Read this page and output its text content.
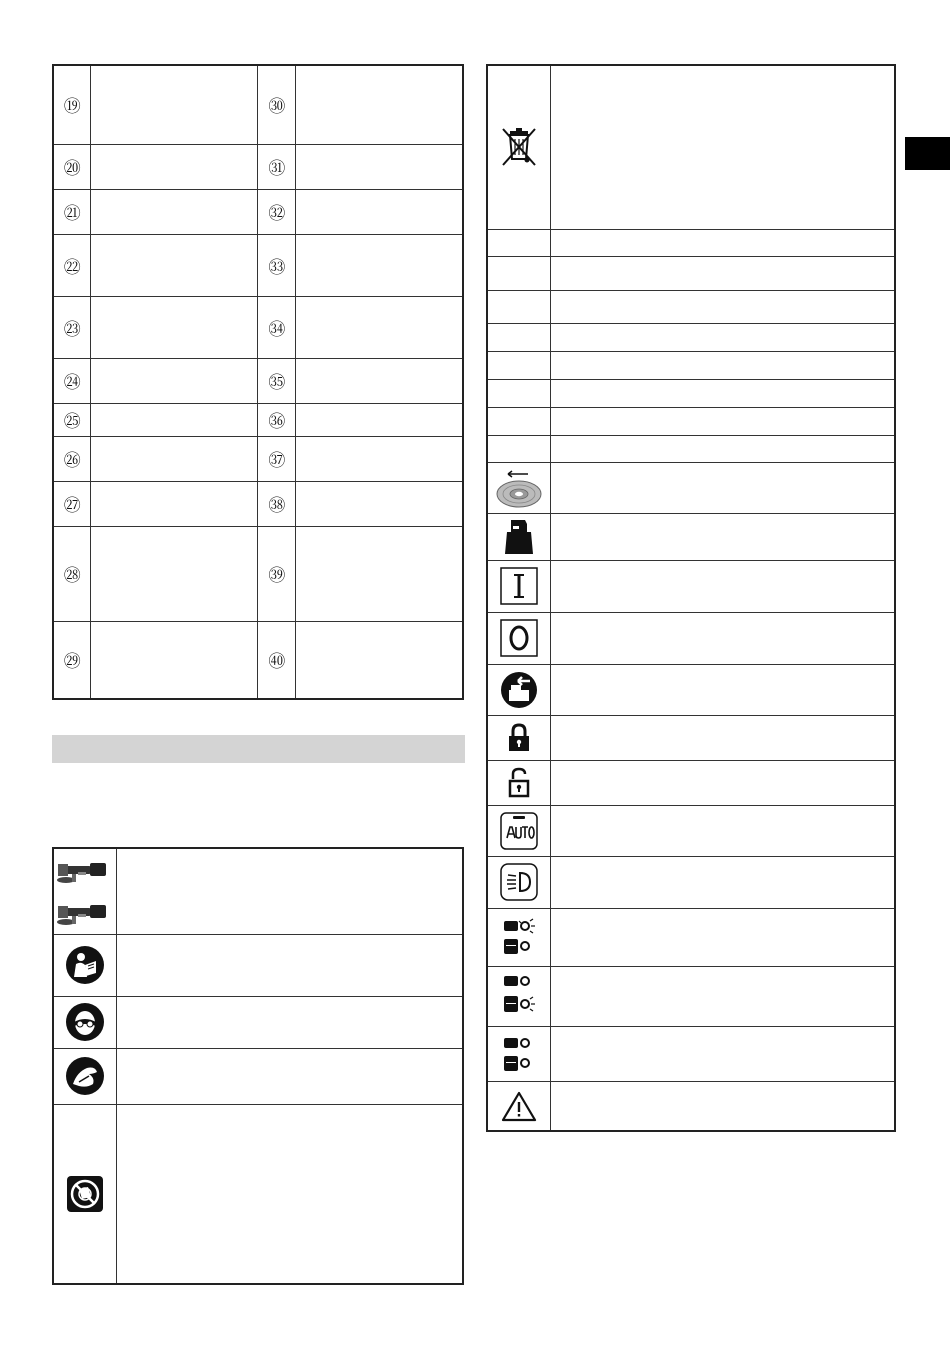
⑲		㉚	
⑳		㉛	
㉑		㉜	
㉒		㉝	
㉓		㉞	
㉔		㉟	
㉕		㊱	
㉖		㊲	
㉗		㊳	
㉘		㊴	
㉙		㊵	
